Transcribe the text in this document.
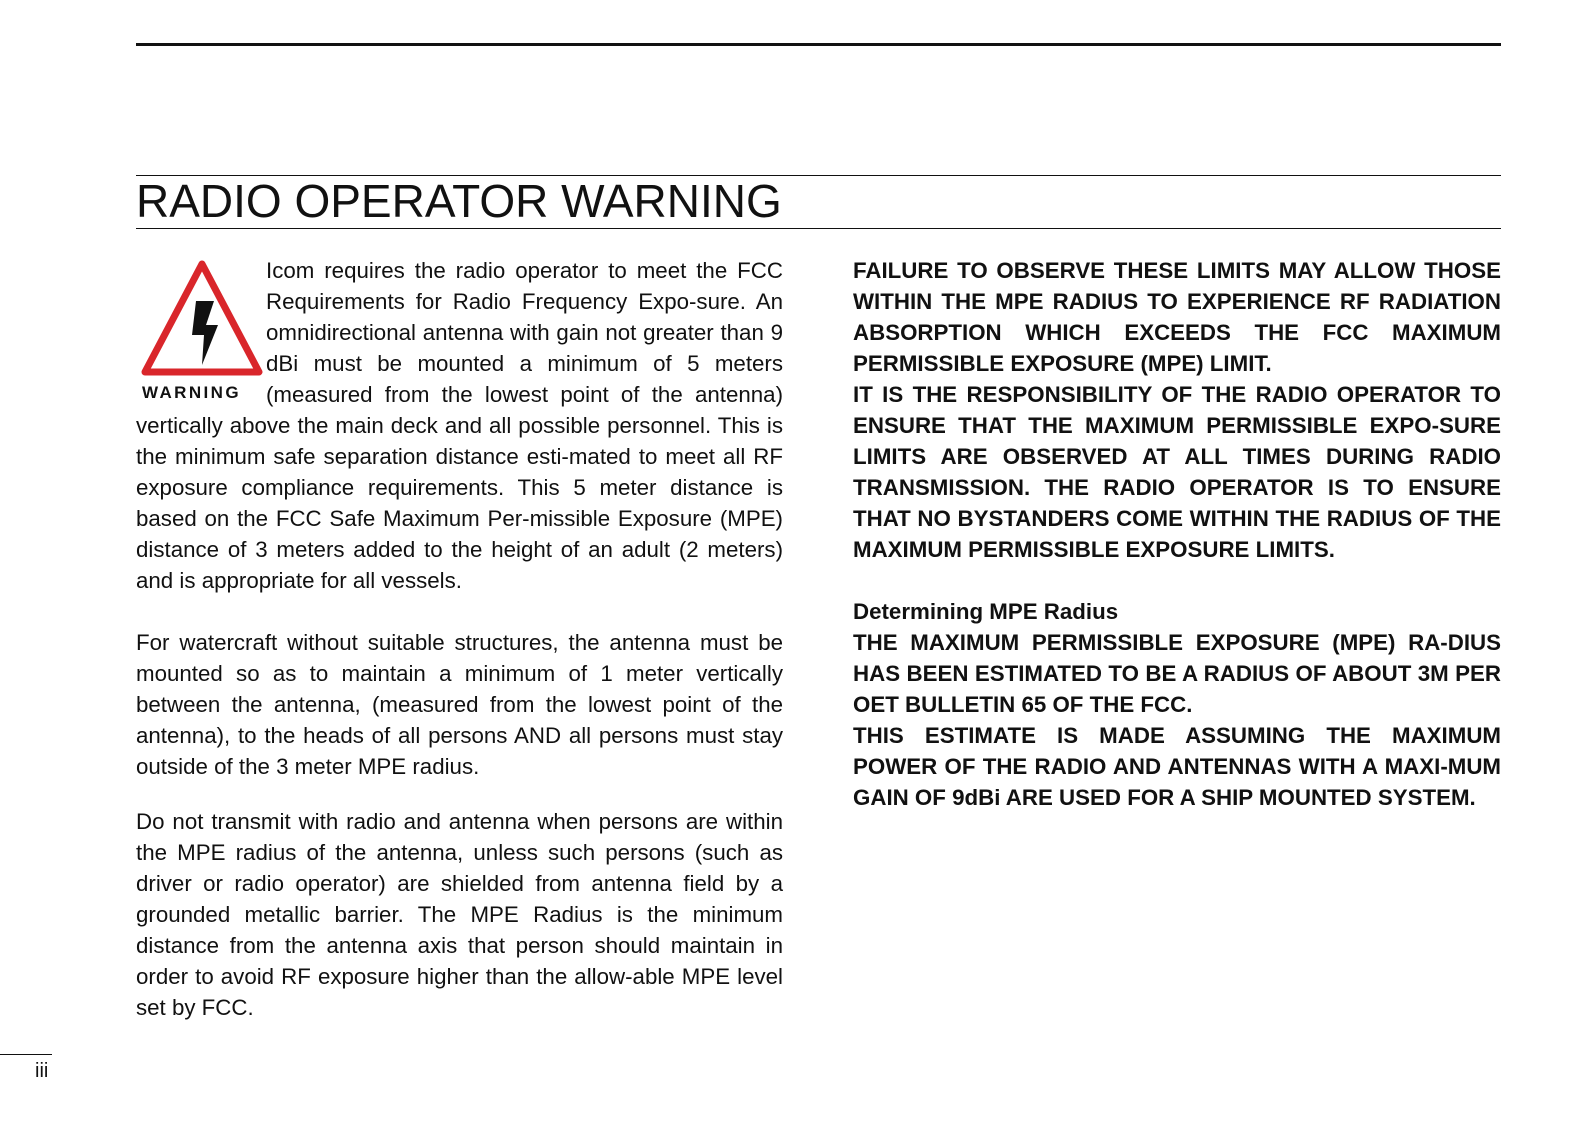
RADIO OPERATOR WARNING
WARNING

Icom requires the radio operator to meet the FCC Requirements for Radio Frequency Expo-sure. An omnidirectional antenna with gain not greater than 9 dBi must be mounted a minimum of 5 meters (measured from the lowest point of the antenna) vertically above the main deck and all possible personnel. This is the minimum safe separation distance esti-mated to meet all RF exposure compliance requirements. This 5 meter distance is based on the FCC Safe Maximum Per-missible Exposure (MPE) distance of 3 meters added to the height of an adult (2 meters) and is appropriate for all vessels.

For watercraft without suitable structures, the antenna must be mounted so as to maintain a minimum of 1 meter vertically between the antenna, (measured from the lowest point of the antenna), to the heads of all persons AND all persons must stay outside of the 3 meter MPE radius.

Do not transmit with radio and antenna when persons are within the MPE radius of the antenna, unless such persons (such as driver or radio operator) are shielded from antenna field by a grounded metallic barrier. The MPE Radius is the minimum distance from the antenna axis that person should maintain in order to avoid RF exposure higher than the allow-able MPE level set by FCC.

FAILURE TO OBSERVE THESE LIMITS MAY ALLOW THOSE WITHIN THE MPE RADIUS TO EXPERIENCE RF RADIATION ABSORPTION WHICH EXCEEDS THE FCC MAXIMUM PERMISSIBLE EXPOSURE (MPE) LIMIT.

IT IS THE RESPONSIBILITY OF THE RADIO OPERATOR TO ENSURE THAT THE MAXIMUM PERMISSIBLE EXPO-SURE LIMITS ARE OBSERVED AT ALL TIMES DURING RADIO TRANSMISSION. THE RADIO OPERATOR IS TO ENSURE THAT NO BYSTANDERS COME WITHIN THE RADIUS OF THE MAXIMUM PERMISSIBLE EXPOSURE LIMITS.

Determining MPE Radius

THE MAXIMUM PERMISSIBLE EXPOSURE (MPE) RA-DIUS HAS BEEN ESTIMATED TO BE A RADIUS OF ABOUT 3M PER OET BULLETIN 65 OF THE FCC.

THIS ESTIMATE IS MADE ASSUMING THE MAXIMUM POWER OF THE RADIO AND ANTENNAS WITH A MAXI-MUM GAIN OF 9dBi ARE USED FOR A SHIP MOUNTED SYSTEM.

iii
